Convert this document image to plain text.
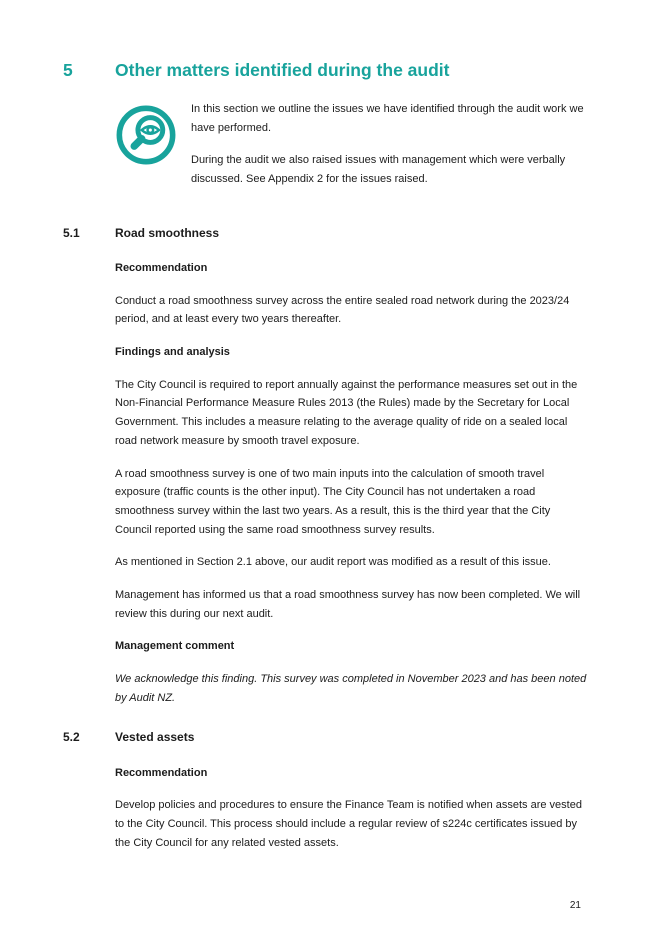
5	Other matters identified during the audit

In this section we outline the issues we have identified through the audit work we have performed.

During the audit we also raised issues with management which were verbally discussed. See Appendix 2 for the issues raised.

5.1	Road smoothness

Recommendation

Conduct a road smoothness survey across the entire sealed road network during the 2023/24 period, and at least every two years thereafter.

Findings and analysis

The City Council is required to report annually against the performance measures set out in the Non-Financial Performance Measure Rules 2013 (the Rules) made by the Secretary for Local Government. This includes a measure relating to the average quality of ride on a sealed local road network measure by smooth travel exposure.

A road smoothness survey is one of two main inputs into the calculation of smooth travel exposure (traffic counts is the other input). The City Council has not undertaken a road smoothness survey within the last two years. As a result, this is the third year that the City Council reported using the same road smoothness survey results.

As mentioned in Section 2.1 above, our audit report was modified as a result of this issue.

Management has informed us that a road smoothness survey has now been completed. We will review this during our next audit.

Management comment

We acknowledge this finding. This survey was completed in November 2023 and has been noted by Audit NZ.

5.2	Vested assets

Recommendation

Develop policies and procedures to ensure the Finance Team is notified when assets are vested to the City Council. This process should include a regular review of s224c certificates issued by the City Council for any related vested assets.

21
